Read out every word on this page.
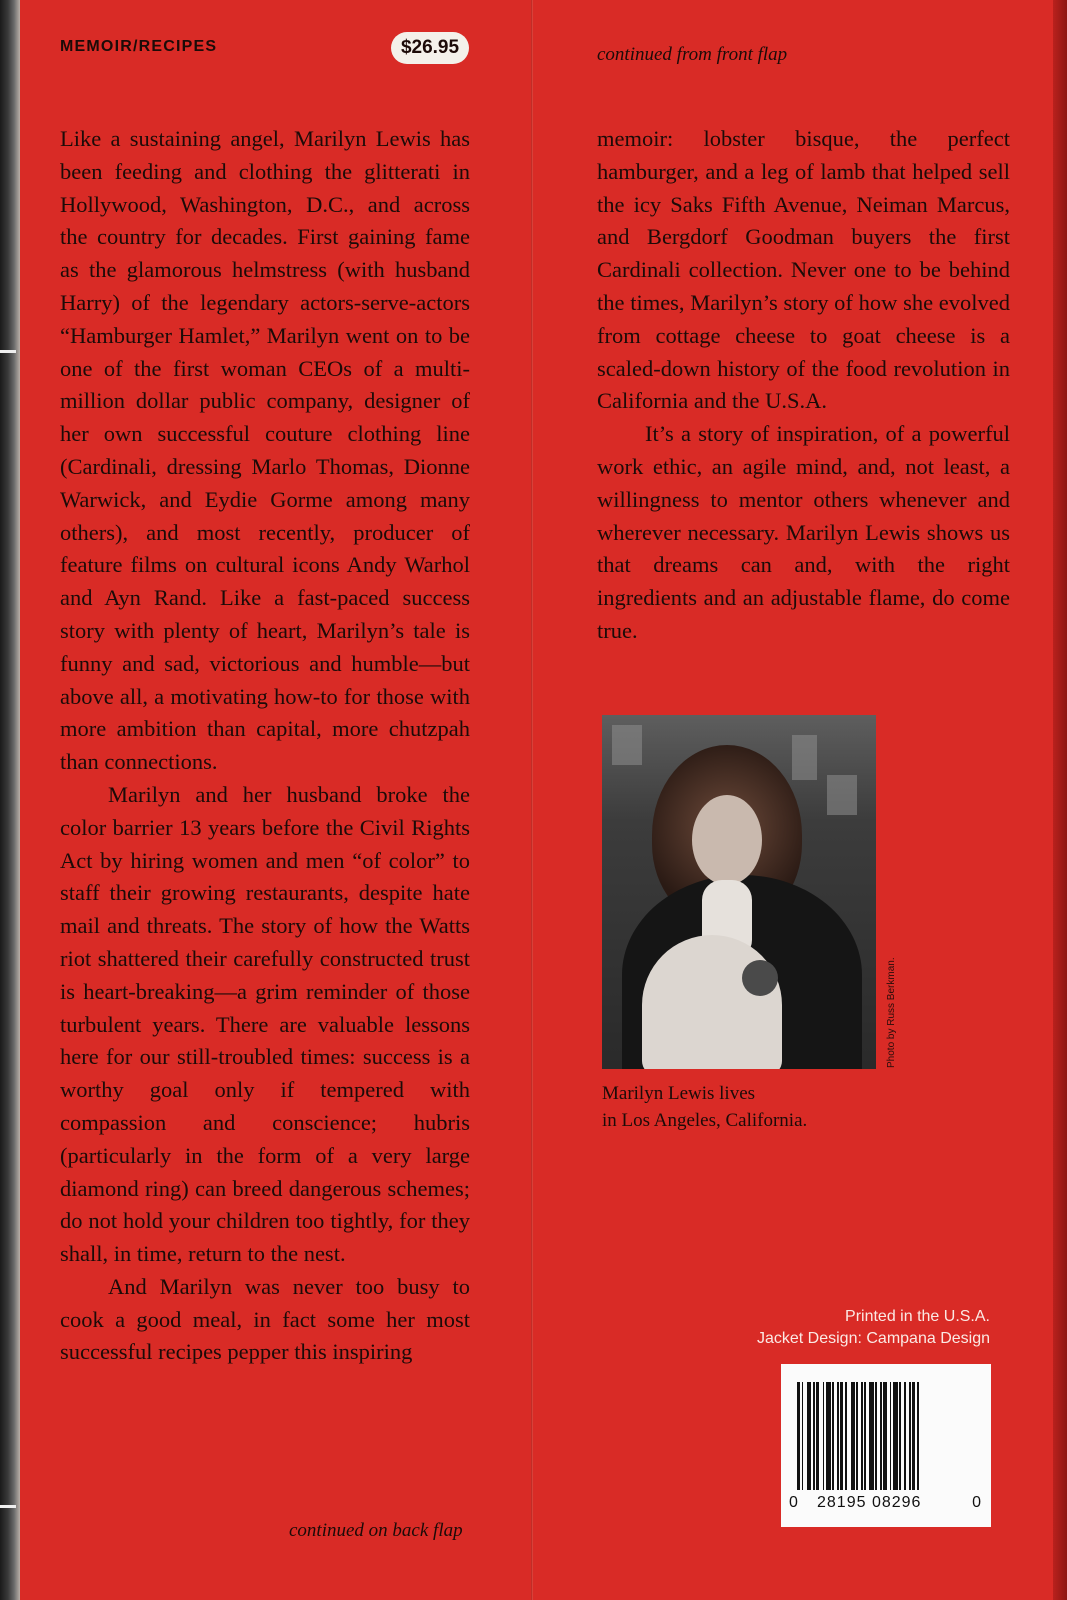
MEMOIR/RECIPES	$26.95	continued from front flap

Like a sustaining angel, Marilyn Lewis has been feeding and clothing the glitterati in Hollywood, Washington, D.C., and across the country for decades. First gaining fame as the glamorous helmstress (with husband Harry) of the legendary actors-serve-actors “Hamburger Hamlet,” Marilyn went on to be one of the first woman CEOs of a multi-million dollar public company, designer of her own successful couture clothing line (Cardinali, dressing Marlo Thomas, Dionne Warwick, and Eydie Gorme among many others), and most recently, producer of feature films on cultural icons Andy Warhol and Ayn Rand. Like a fast-paced success story with plenty of heart, Marilyn’s tale is funny and sad, victorious and humble—but above all, a motivating how-to for those with more ambition than capital, more chutzpah than connections.

Marilyn and her husband broke the color barrier 13 years before the Civil Rights Act by hiring women and men “of color” to staff their growing restaurants, despite hate mail and threats. The story of how the Watts riot shattered their carefully constructed trust is heart-breaking—a grim reminder of those turbulent years. There are valuable lessons here for our still-troubled times: success is a worthy goal only if tempered with compassion and conscience; hubris (particularly in the form of a very large diamond ring) can breed dangerous schemes; do not hold your children too tightly, for they shall, in time, return to the nest.

And Marilyn was never too busy to cook a good meal, in fact some her most successful recipes pepper this inspiring

continued on back flap

memoir: lobster bisque, the perfect hamburger, and a leg of lamb that helped sell the icy Saks Fifth Avenue, Neiman Marcus, and Bergdorf Goodman buyers the first Cardinali collection. Never one to be behind the times, Marilyn’s story of how she evolved from cottage cheese to goat cheese is a scaled-down history of the food revolution in California and the U.S.A.

It’s a story of inspiration, of a powerful work ethic, an agile mind, and, not least, a willingness to mentor others whenever and wherever necessary. Marilyn Lewis shows us that dreams can and, with the right ingredients and an adjustable flame, do come true.

Photo by Russ Berkman.
Marilyn Lewis lives
in Los Angeles, California.
Printed in the U.S.A.
Jacket Design: Campana Design
0 28195 08296	0
